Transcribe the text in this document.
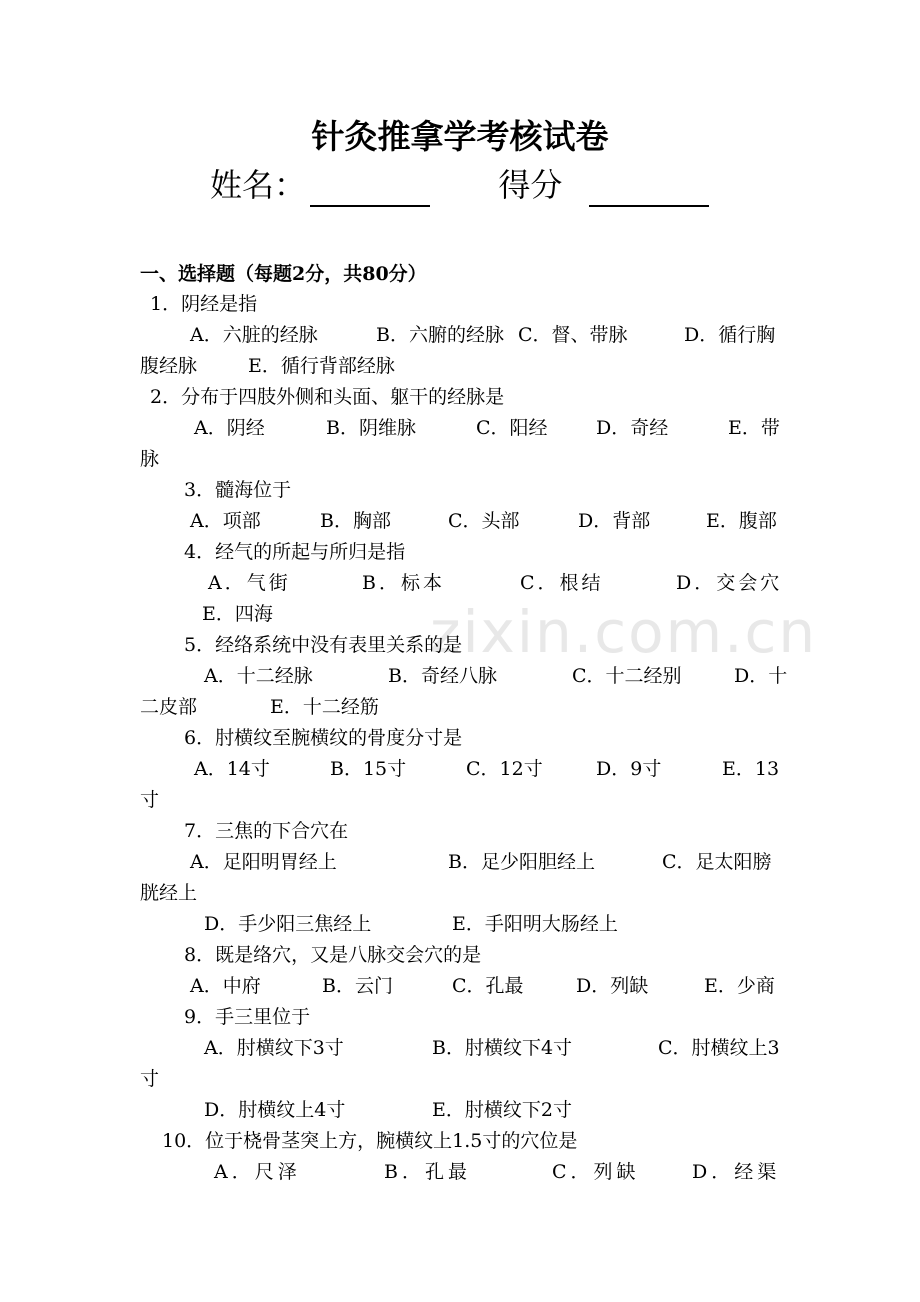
zixin.com.cn
针灸推拿学考核试卷
姓名：	得分
一、选择题（每题2分，共80分）
1．阴经是指
A．六脏的经脉	B．六腑的经脉 C．督、带脉	D．循行胸
腹经脉	E．循行背部经脉
2．分布于四肢外侧和头面、躯干的经脉是
A．阴经	B．阴维脉	C．阳经	D．奇经	E．带
脉
3．髓海位于
A．项部	B．胸部	C．头部	D．背部	E．腹部
4．经气的所起与所归是指
A．气街	B．标本	C．根结	D．交会穴
E．四海
5．经络系统中没有表里关系的是
A．十二经脉	B．奇经八脉	C．十二经别	D．十
二皮部	E．十二经筋
6．肘横纹至腕横纹的骨度分寸是
A．14寸	B．15寸	C．12寸	D．9寸	E．13
寸
7．三焦的下合穴在
A．足阳明胃经上	B．足少阳胆经上	C．足太阳膀
胱经上
D．手少阳三焦经上	E．手阳明大肠经上
8．既是络穴，又是八脉交会穴的是
A．中府	B．云门	C．孔最	D．列缺	E．少商
9．手三里位于
A．肘横纹下3寸	B．肘横纹下4寸	C．肘横纹上3
寸
D．肘横纹上4寸	E．肘横纹下2寸
10．位于桡骨茎突上方，腕横纹上1.5寸的穴位是
A．尺泽	B．孔最	C．列缺	D．经渠
